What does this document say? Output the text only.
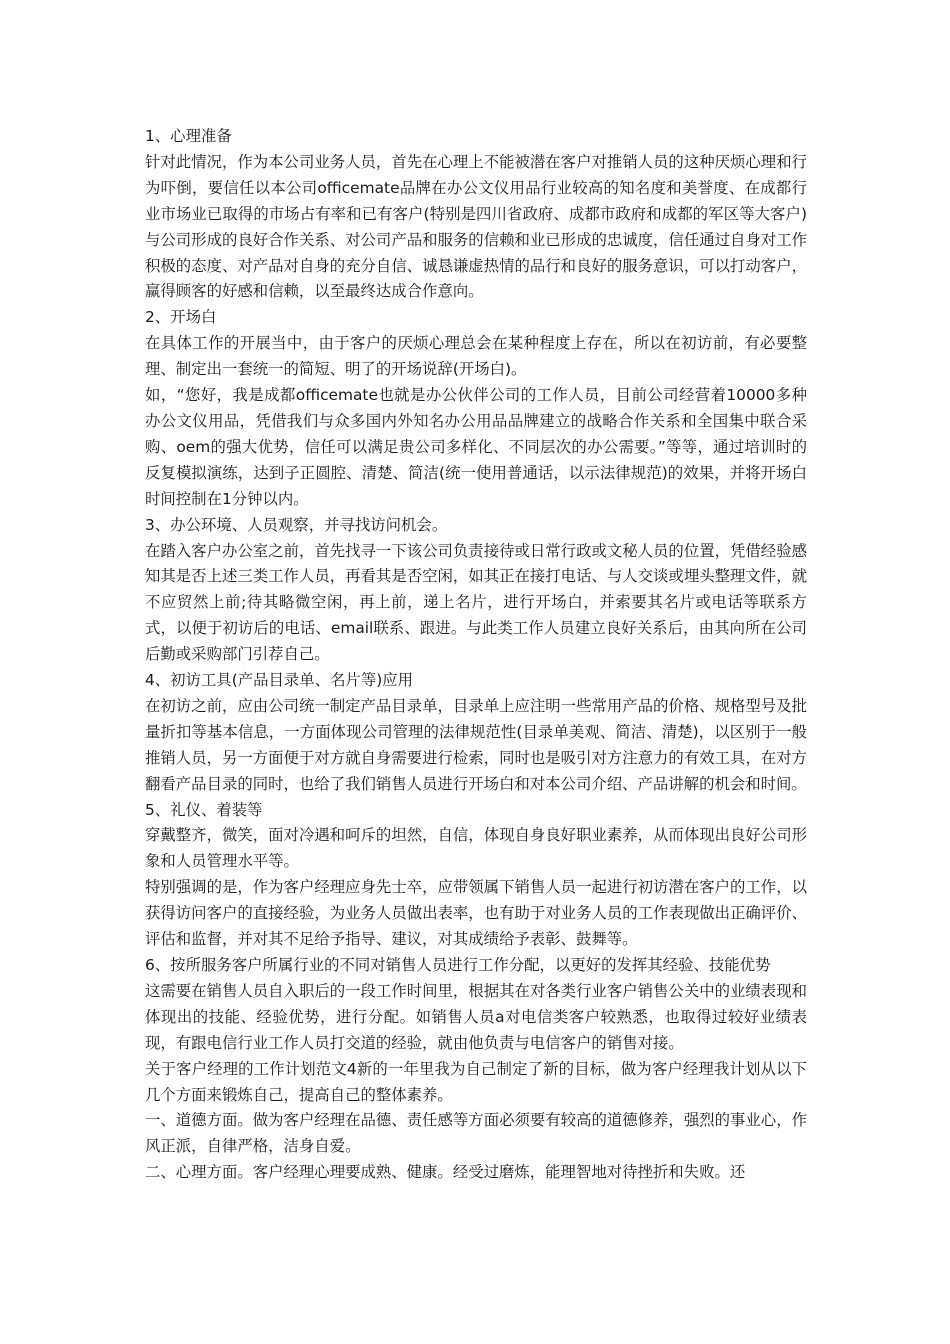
1、心理准备

针对此情况，作为本公司业务人员，首先在心理上不能被潜在客户对推销人员的这种厌烦心理和行为吓倒，要信任以本公司officemate品牌在办公文仪用品行业较高的知名度和美誉度、在成都行业市场业已取得的市场占有率和已有客户(特别是四川省政府、成都市政府和成都的军区等大客户)与公司形成的良好合作关系、对公司产品和服务的信赖和业已形成的忠诚度，信任通过自身对工作积极的态度、对产品对自身的充分自信、诚恳谦虚热情的品行和良好的服务意识，可以打动客户，赢得顾客的好感和信赖，以至最终达成合作意向。

2、开场白

在具体工作的开展当中，由于客户的厌烦心理总会在某种程度上存在，所以在初访前，有必要整理、制定出一套统一的简短、明了的开场说辞(开场白)。

如，“您好，我是成都officemate也就是办公伙伴公司的工作人员，目前公司经营着10000多种办公文仪用品，凭借我们与众多国内外知名办公用品品牌建立的战略合作关系和全国集中联合采购、oem的强大优势，信任可以满足贵公司多样化、不同层次的办公需要。”等等，通过培训时的反复模拟演练，达到子正圆腔、清楚、简洁(统一使用普通话，以示法律规范)的效果，并将开场白时间控制在1分钟以内。

3、办公环境、人员观察，并寻找访问机会。

在踏入客户办公室之前，首先找寻一下该公司负责接待或日常行政或文秘人员的位置，凭借经验感知其是否上述三类工作人员，再看其是否空闲，如其正在接打电话、与人交谈或埋头整理文件，就不应贸然上前;待其略微空闲，再上前，递上名片，进行开场白，并索要其名片或电话等联系方式，以便于初访后的电话、email联系、跟进。与此类工作人员建立良好关系后，由其向所在公司后勤或采购部门引荐自己。

4、初访工具(产品目录单、名片等)应用

在初访之前，应由公司统一制定产品目录单，目录单上应注明一些常用产品的价格、规格型号及批量折扣等基本信息，一方面体现公司管理的法律规范性(目录单美观、简洁、清楚)，以区别于一般推销人员，另一方面便于对方就自身需要进行检索，同时也是吸引对方注意力的有效工具，在对方翻看产品目录的同时，也给了我们销售人员进行开场白和对本公司介绍、产品讲解的机会和时间。

5、礼仪、着装等

穿戴整齐，微笑，面对冷遇和呵斥的坦然，自信，体现自身良好职业素养，从而体现出良好公司形象和人员管理水平等。

特别强调的是，作为客户经理应身先士卒，应带领属下销售人员一起进行初访潜在客户的工作，以获得访问客户的直接经验，为业务人员做出表率，也有助于对业务人员的工作表现做出正确评价、评估和监督，并对其不足给予指导、建议，对其成绩给予表彰、鼓舞等。

6、按所服务客户所属行业的不同对销售人员进行工作分配，以更好的发挥其经验、技能优势

这需要在销售人员自入职后的一段工作时间里，根据其在对各类行业客户销售公关中的业绩表现和体现出的技能、经验优势，进行分配。如销售人员a对电信类客户较熟悉，也取得过较好业绩表现，有跟电信行业工作人员打交道的经验，就由他负责与电信客户的销售对接。

关于客户经理的工作计划范文4新的一年里我为自己制定了新的目标，做为客户经理我计划从以下几个方面来锻炼自己，提高自己的整体素养。

一、道德方面。做为客户经理在品德、责任感等方面必须要有较高的道德修养，强烈的事业心，作风正派，自律严格，洁身自爱。

二、心理方面。客户经理心理要成熟、健康。经受过磨炼，能理智地对待挫折和失败。还
